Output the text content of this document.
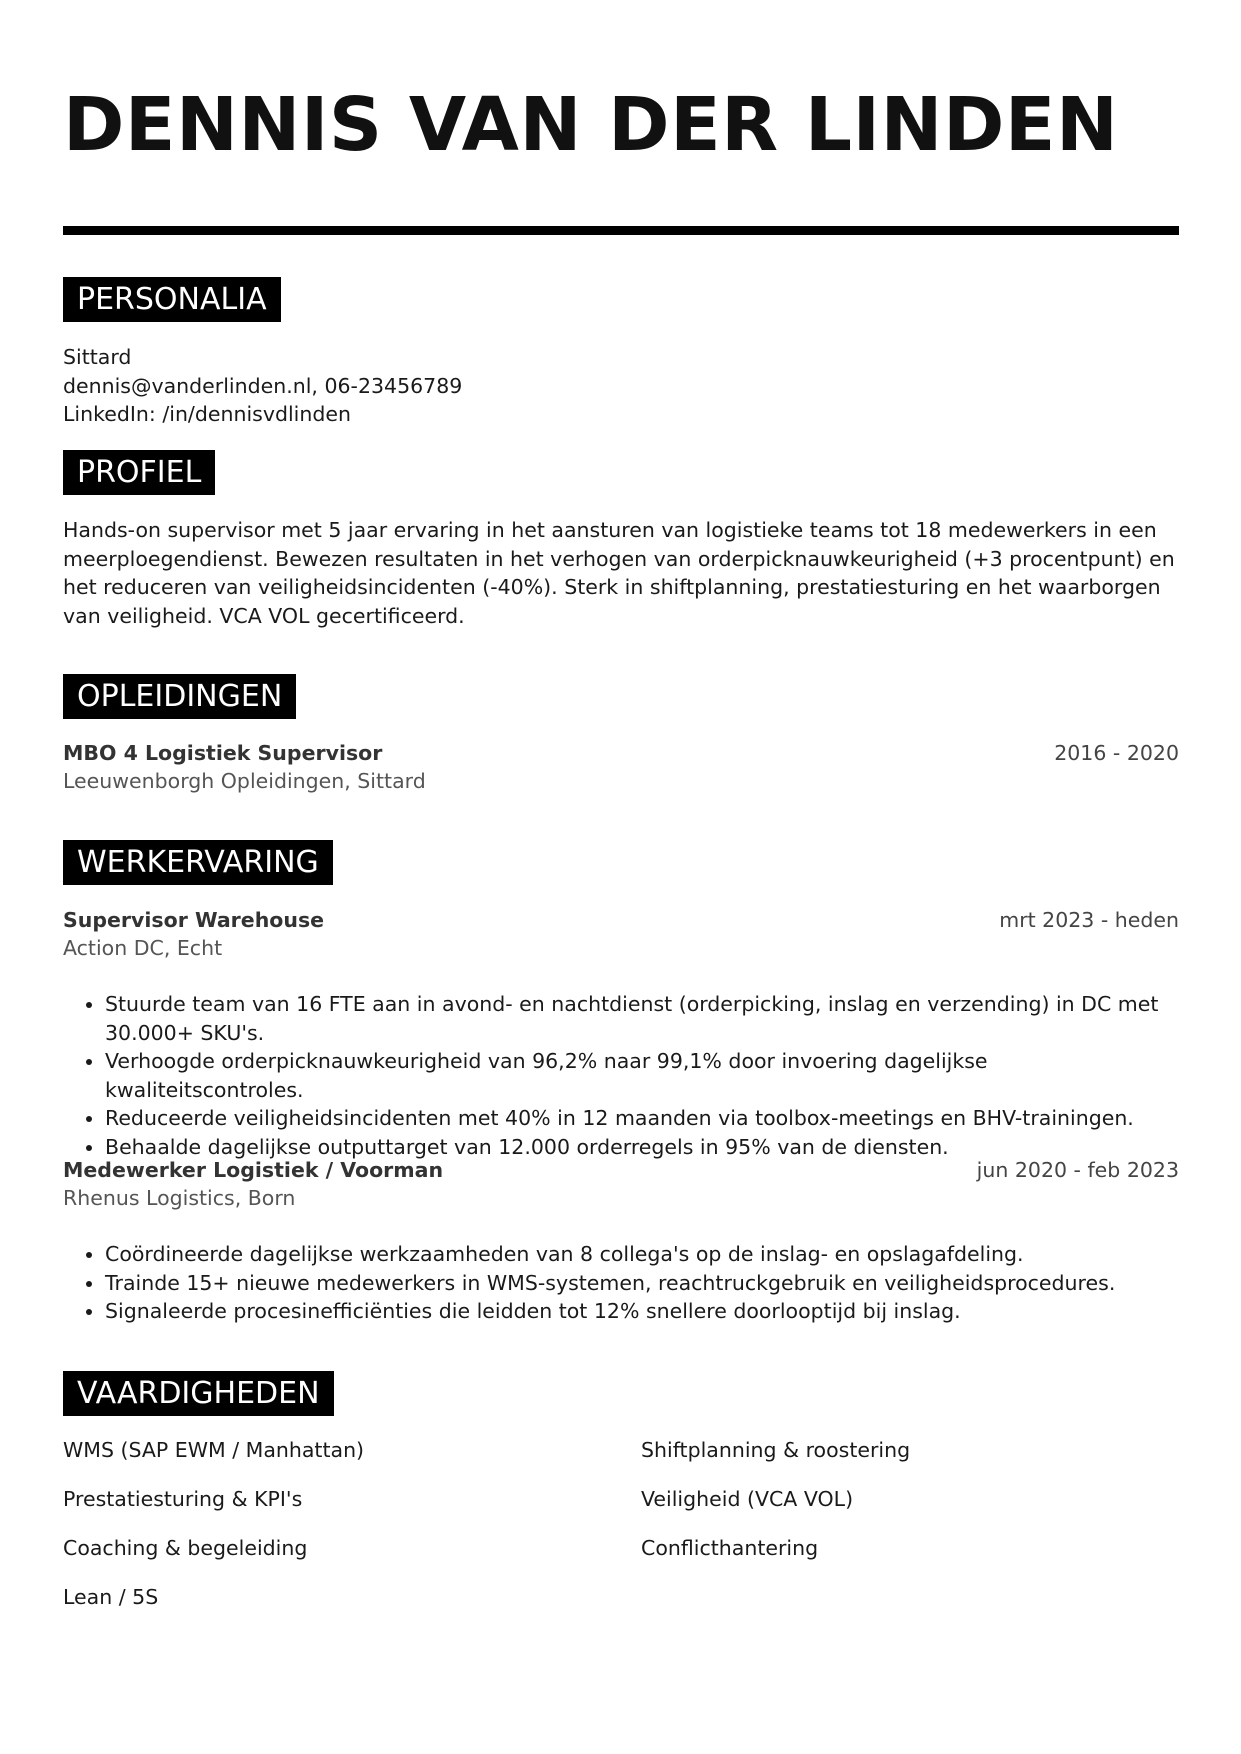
DENNIS VAN DER LINDEN
PERSONALIA
Sittard
dennis@vanderlinden.nl, 06-23456789
LinkedIn: /in/dennisvdlinden
PROFIEL
Hands-on supervisor met 5 jaar ervaring in het aansturen van logistieke teams tot 18 medewerkers in een meerploegendienst. Bewezen resultaten in het verhogen van orderpicknauwkeurigheid (+3 procentpunt) en het reduceren van veiligheidsincidenten (-40%). Sterk in shiftplanning, prestatiesturing en het waarborgen van veiligheid. VCA VOL gecertificeerd.
OPLEIDINGEN
MBO 4 Logistiek Supervisor	2016 - 2020
Leeuwenborgh Opleidingen, Sittard
WERKERVARING
Supervisor Warehouse	mrt 2023 - heden
Action DC, Echt
• Stuurde team van 16 FTE aan in avond- en nachtdienst (orderpicking, inslag en verzending) in DC met 30.000+ SKU's.
• Verhoogde orderpicknauwkeurigheid van 96,2% naar 99,1% door invoering dagelijkse kwaliteitscontroles.
• Reduceerde veiligheidsincidenten met 40% in 12 maanden via toolbox-meetings en BHV-trainingen.
• Behaalde dagelijkse outputtarget van 12.000 orderregels in 95% van de diensten.
Medewerker Logistiek / Voorman	jun 2020 - feb 2023
Rhenus Logistics, Born
• Coördineerde dagelijkse werkzaamheden van 8 collega's op de inslag- en opslagafdeling.
• Trainde 15+ nieuwe medewerkers in WMS-systemen, reachtruckgebruik en veiligheidsprocedures.
• Signaleerde procesinefficiënties die leidden tot 12% snellere doorlooptijd bij inslag.
VAARDIGHEDEN
WMS (SAP EWM / Manhattan)	Shiftplanning & roostering
Prestatiesturing & KPI's	Veiligheid (VCA VOL)
Coaching & begeleiding	Conflicthantering
Lean / 5S
